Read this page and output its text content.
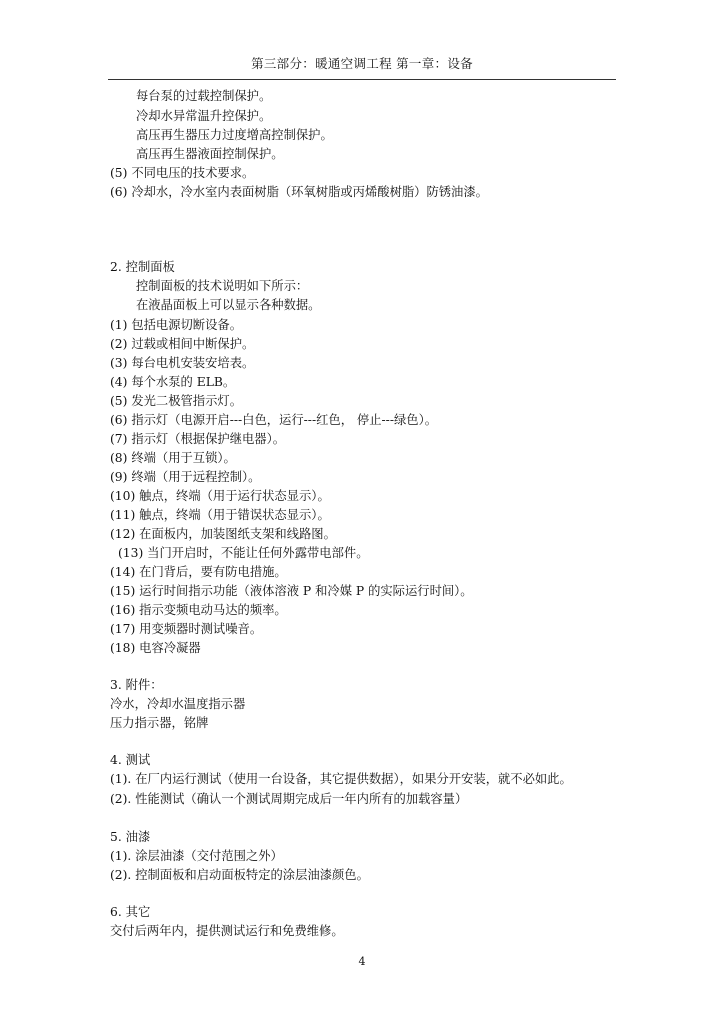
第三部分：暖通空调工程 第一章：设备
每台泵的过载控制保护。
冷却水异常温升控保护。
高压再生器压力过度增高控制保护。
高压再生器液面控制保护。
(5) 不同电压的技术要求。
(6) 冷却水，冷水室内表面树脂（环氧树脂或丙烯酸树脂）防锈油漆。
2. 控制面板
控制面板的技术说明如下所示：
在液晶面板上可以显示各种数据。
(1) 包括电源切断设备。
(2) 过载或相间中断保护。
(3) 每台电机安装安培表。
(4) 每个水泵的 ELB。
(5) 发光二极管指示灯。
(6) 指示灯（电源开启---白色，运行---红色， 停止---绿色）。
(7) 指示灯（根据保护继电器）。
(8) 终端（用于互锁）。
(9) 终端（用于远程控制）。
(10) 触点，终端（用于运行状态显示）。
(11) 触点，终端（用于错误状态显示）。
(12) 在面板内，加装图纸支架和线路图。
(13) 当门开启时，不能让任何外露带电部件。
(14) 在门背后，要有防电措施。
(15) 运行时间指示功能（液体溶液 P 和冷媒 P 的实际运行时间）。
(16) 指示变频电动马达的频率。
(17) 用变频器时测试噪音。
(18) 电容冷凝器
3. 附件：
冷水，冷却水温度指示器
压力指示器，铭牌
4. 测试
(1). 在厂内运行测试（使用一台设备，其它提供数据），如果分开安装，就不必如此。
(2). 性能测试（确认一个测试周期完成后一年内所有的加载容量）
5. 油漆
(1). 涂层油漆（交付范围之外）
(2). 控制面板和启动面板特定的涂层油漆颜色。
6. 其它
交付后两年内，提供测试运行和免费维修。
4
